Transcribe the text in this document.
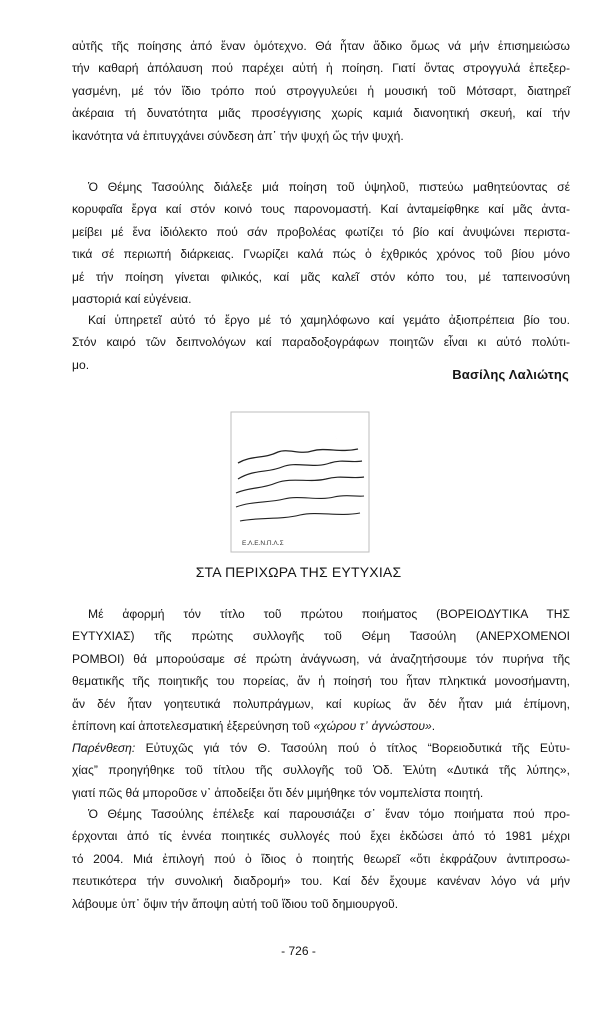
αὐτῆς τῆς ποίησης ἀπό ἕναν ὁμότεχνο. Θά ἦταν ἄδικο ὅμως νά μήν ἐπισημειώσω
τήν καθαρή ἀπόλαυση πού παρέχει αὐτή ἡ ποίηση. Γιατί ὄντας στρογγυλά ἐπεξερ-
γασμένη, μέ τόν ἴδιο τρόπο πού στρογγυλεύει ἡ μουσική τοῦ Μότσαρτ, διατηρεῖ
ἀκέραια τή δυνατότητα μιᾶς προσέγγισης χωρίς καμιά διανοητική σκευή, καί τήν
ἱκανότητα νά ἐπιτυγχάνει σύνδεση ἀπ᾽ τήν ψυχή ὥς τήν ψυχή.

Ὁ Θέμης Τασούλης διάλεξε μιά ποίηση τοῦ ὑψηλοῦ, πιστεύω μαθητεύοντας σέ
κορυφαῖα ἔργα καί στόν κοινό τους παρονομαστή. Καί ἀνταμείφθηκε καί μᾶς ἀντα-
μείβει μέ ἕνα ἰδιόλεκτο πού σάν προβολέας φωτίζει τό βίο καί ἀνυψώνει περιστα-
τικά σέ περιωπή διάρκειας. Γνωρίζει καλά πώς ὁ ἐχθρικός χρόνος τοῦ βίου μόνο
μέ τήν ποίηση γίνεται φιλικός, καί μᾶς καλεῖ στόν κόπο του, μέ ταπεινοσύνη
μαστοριά καί εὐγένεια.

Καί ὑπηρετεῖ αὐτό τό ἔργο μέ τό χαμηλόφωνο καί γεμάτο ἀξιοπρέπεια βίο του.
Στόν καιρό τῶν δειπνολόγων καί παραδοξογράφων ποιητῶν εἶναι κι αὐτό πολύτι-
μο.

Βασίλης Λαλιώτης

Ε.Λ.Ε.Ν.Π.Λ.Σ

ΣΤΑ ΠΕΡΙΧΩΡΑ ΤΗΣ ΕΥΤΥΧΙΑΣ

Μέ ἀφορμή τόν τίτλο τοῦ πρώτου ποιήματος (ΒΟΡΕΙΟΔΥΤΙΚΑ ΤΗΣ
ΕΥΤΥΧΙΑΣ) τῆς πρώτης συλλογῆς τοῦ Θέμη Τασούλη (ΑΝΕΡΧΟΜΕΝΟΙ
ΡΟΜΒΟΙ) θά μπορούσαμε σέ πρώτη ἀνάγνωση, νά ἀναζητήσουμε τόν πυρήνα τῆς
θεματικῆς τῆς ποιητικῆς του πορείας, ἄν ἡ ποίησή του ἦταν πληκτικά μονοσήμαντη,
ἄν δέν ἦταν γοητευτικά πολυπράγμων, καί κυρίως ἄν δέν ἦταν μιά ἐπίμονη,
ἐπίπονη καί ἀποτελεσματική ἐξερεύνηση τοῦ «χώρου τ᾽ ἀγνώστου».

Παρένθεση: Εὐτυχῶς γιά τόν Θ. Τασούλη πού ὁ τίτλος “Βορειοδυτικά τῆς Εὐτυ-
χίας” προηγήθηκε τοῦ τίτλου τῆς συλλογῆς τοῦ Ὀδ. Ἐλύτη «Δυτικά τῆς λύπης»,
γιατί πῶς θά μποροῦσε ν᾽ ἀποδείξει ὅτι δέν μιμήθηκε τόν νομπελίστα ποιητή.

Ὁ Θέμης Τασούλης ἐπέλεξε καί παρουσιάζει σ᾽ ἕναν τόμο ποιήματα πού προ-
έρχονται ἀπό τίς ἐννέα ποιητικές συλλογές πού ἔχει ἐκδώσει ἀπό τό 1981 μέχρι
τό 2004. Μιά ἐπιλογή πού ὁ ἴδιος ὁ ποιητής θεωρεῖ «ὅτι ἐκφράζουν ἀντιπροσω-
πευτικότερα τήν συνολική διαδρομή» του. Καί δέν ἔχουμε κανέναν λόγο νά μήν
λάβουμε ὑπ᾽ ὄψιν τήν ἄποψη αὐτή τοῦ ἴδιου τοῦ δημιουργοῦ.

- 726 -
